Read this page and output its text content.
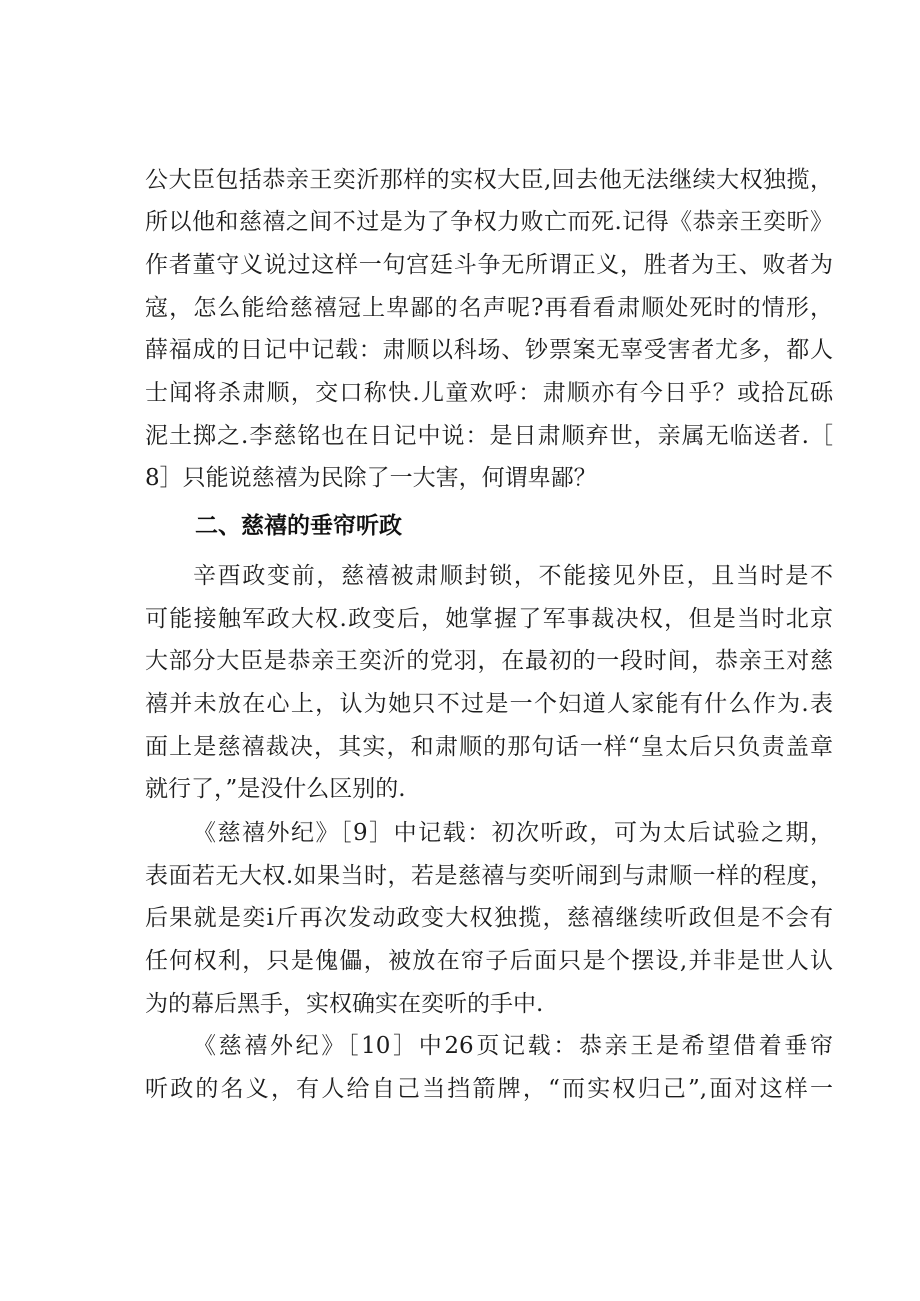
公大臣包括恭亲王奕沂那样的实权大臣,回去他无法继续大权独揽，
所以他和慈禧之间不过是为了争权力败亡而死.记得《恭亲王奕昕》
作者董守义说过这样一句宫廷斗争无所谓正义，胜者为王、败者为
寇，怎么能给慈禧冠上卑鄙的名声呢?再看看肃顺处死时的情形，
薛福成的日记中记载：肃顺以科场、钞票案无辜受害者尤多，都人
士闻将杀肃顺，交口称快.儿童欢呼：肃顺亦有今日乎？或拾瓦砾
泥土掷之.李慈铭也在日记中说：是日肃顺弃世，亲属无临送者.［
8］只能说慈禧为民除了一大害，何谓卑鄙？
二、慈禧的垂帘听政
辛酉政变前，慈禧被肃顺封锁，不能接见外臣，且当时是不
可能接触军政大权.政变后，她掌握了军事裁决权，但是当时北京
大部分大臣是恭亲王奕沂的党羽，在最初的一段时间，恭亲王对慈
禧并未放在心上，认为她只不过是一个妇道人家能有什么作为.表
面上是慈禧裁决，其实，和肃顺的那句话一样“皇太后只负责盖章
就行了，”是没什么区别的.
《慈禧外纪》［9］中记载：初次听政，可为太后试验之期，
表面若无大权.如果当时，若是慈禧与奕听闹到与肃顺一样的程度，
后果就是奕i斤再次发动政变大权独揽，慈禧继续听政但是不会有
任何权利，只是傀儡，被放在帘子后面只是个摆设,并非是世人认
为的幕后黑手，实权确实在奕听的手中.
《慈禧外纪》［10］中26页记载：恭亲王是希望借着垂帘
听政的名义，有人给自己当挡箭牌，“而实权归己”,面对这样一
